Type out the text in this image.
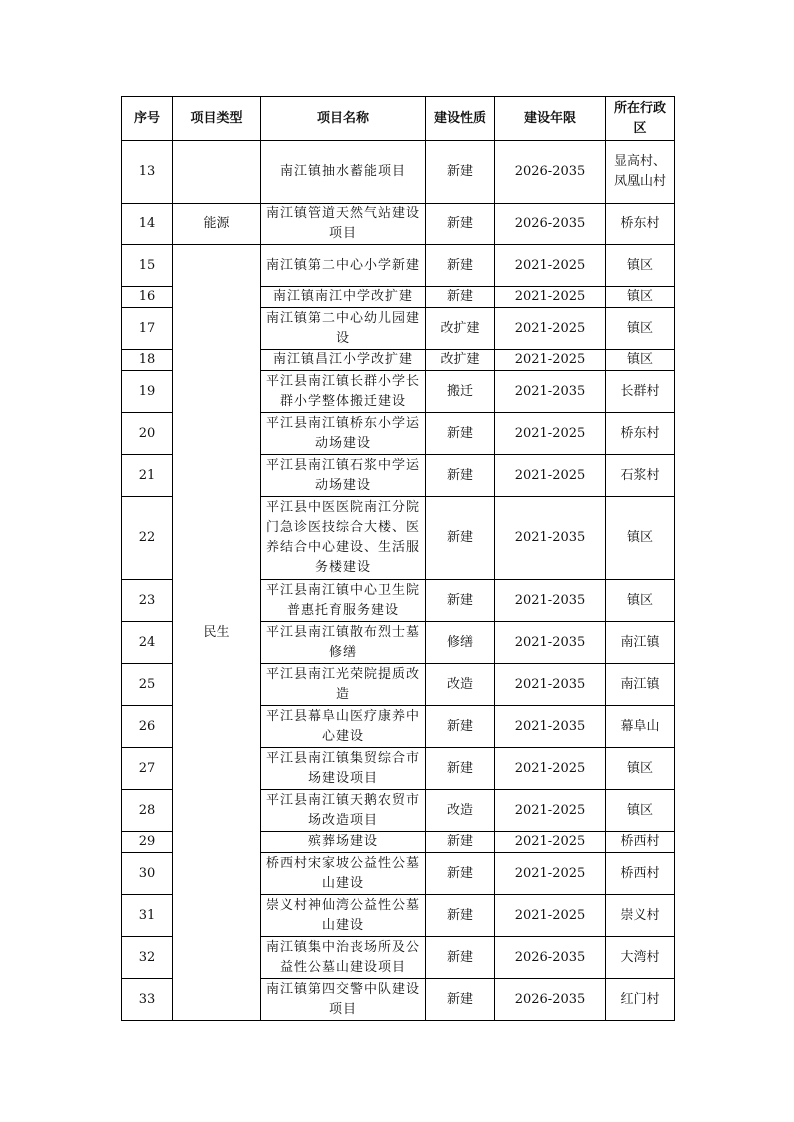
序号	项目类型	项目名称	建设性质	建设年限	所在行政区
13		南江镇抽水蓄能项目	新建	2026-2035	显高村、凤凰山村
14	能源	南江镇管道天然气站建设项目	新建	2026-2035	桥东村
15	民生	南江镇第二中心小学新建	新建	2021-2025	镇区
16		南江镇南江中学改扩建	新建	2021-2025	镇区
17		南江镇第二中心幼儿园建设	改扩建	2021-2025	镇区
18		南江镇昌江小学改扩建	改扩建	2021-2025	镇区
19		平江县南江镇长群小学长群小学整体搬迁建设	搬迁	2021-2035	长群村
20		平江县南江镇桥东小学运动场建设	新建	2021-2025	桥东村
21		平江县南江镇石浆中学运动场建设	新建	2021-2025	石浆村
22		平江县中医医院南江分院门急诊医技综合大楼、医养结合中心建设、生活服务楼建设	新建	2021-2035	镇区
23		平江县南江镇中心卫生院普惠托育服务建设	新建	2021-2035	镇区
24		平江县南江镇散布烈士墓修缮	修缮	2021-2035	南江镇
25		平江县南江光荣院提质改造	改造	2021-2035	南江镇
26		平江县幕阜山医疗康养中心建设	新建	2021-2035	幕阜山
27		平江县南江镇集贸综合市场建设项目	新建	2021-2025	镇区
28		平江县南江镇天鹅农贸市场改造项目	改造	2021-2025	镇区
29		殡葬场建设	新建	2021-2025	桥西村
30		桥西村宋家坡公益性公墓山建设	新建	2021-2025	桥西村
31		崇义村神仙湾公益性公墓山建设	新建	2021-2025	崇义村
32		南江镇集中治丧场所及公益性公墓山建设项目	新建	2026-2035	大湾村
33		南江镇第四交警中队建设项目	新建	2026-2035	红门村
